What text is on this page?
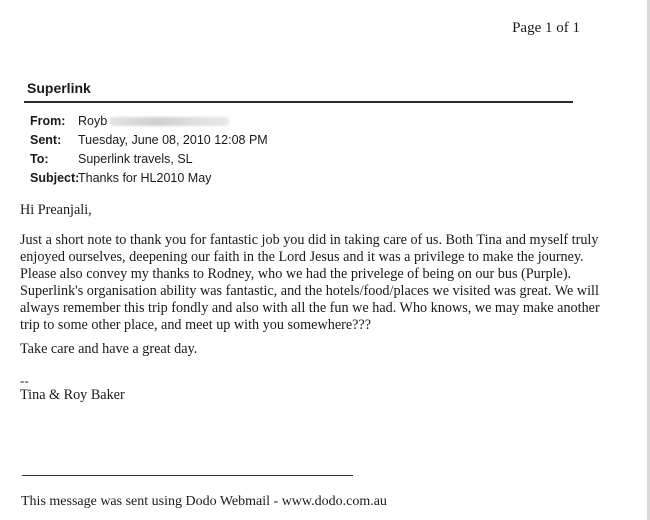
Page 1 of 1
Superlink
From: Royb
Sent: Tuesday, June 08, 2010 12:08 PM
To: Superlink travels, SL
Subject:
Thanks for HL2010 May
Hi Preanjali,
Just a short note to thank you for fantastic job you did in taking care of us. Both Tina and myself truly enjoyed ourselves, deepening our faith in the Lord Jesus and it was a privilege to make the journey. Please also convey my thanks to Rodney, who we had the privelege of being on our bus (Purple). Superlink's organisation ability was fantastic, and the hotels/food/places we visited was great. We will always remember this trip fondly and also with all the fun we had. Who knows, we may make another trip to some other place, and meet up with you somewhere???
Take care and have a great day.
--
Tina & Roy Baker
This message was sent using Dodo Webmail - www.dodo.com.au
